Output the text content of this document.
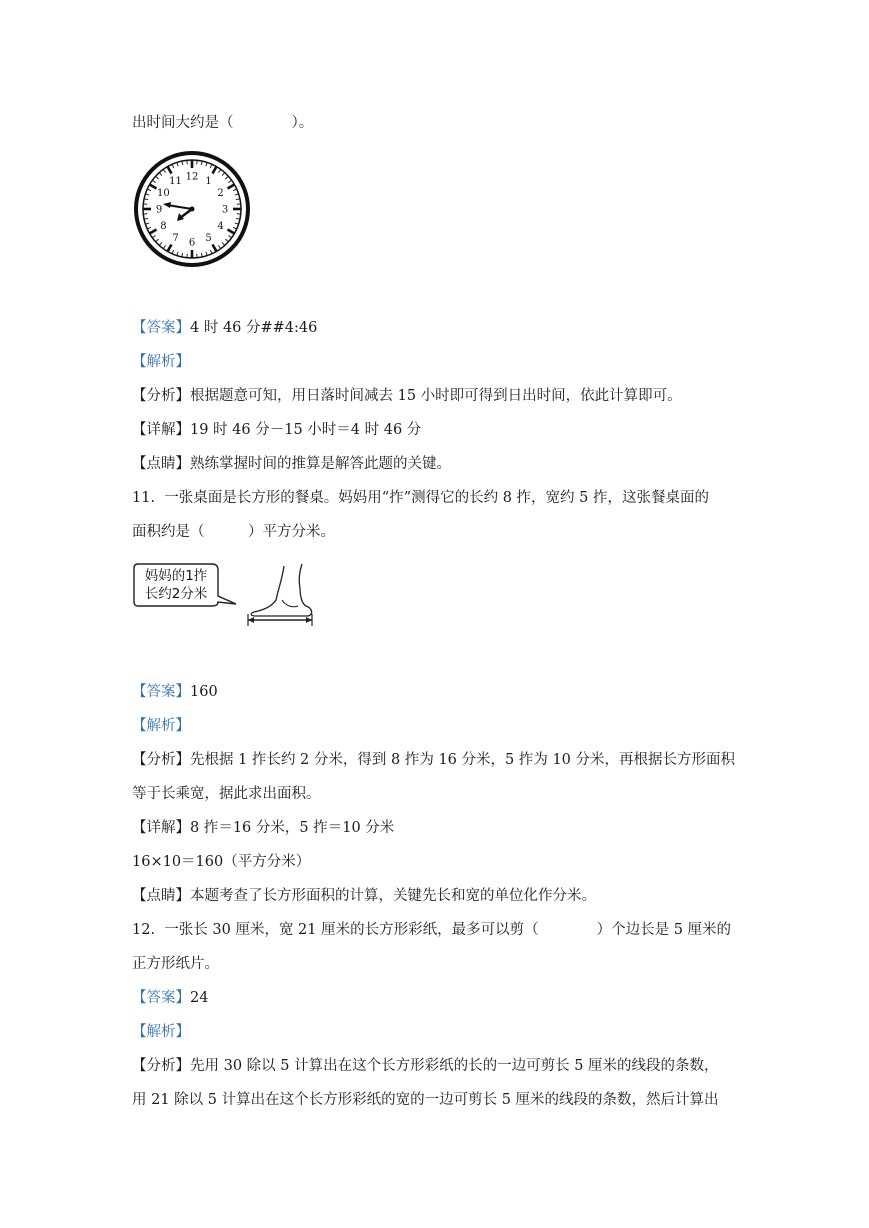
出时间大约是（　　　　）。
12 1
2
3
4
5
6
7
8
9
10
11
【答案】4 时 46 分##4:46
【解析】
【分析】根据题意可知，用日落时间减去 15 小时即可得到日出时间，依此计算即可。
【详解】19 时 46 分－15 小时＝4 时 46 分
【点睛】熟练掌握时间的推算是解答此题的关键。
11.  一张桌面是长方形的餐桌。妈妈用“拃”测得它的长约 8 拃，宽约 5 拃，这张餐桌面的
面积约是（　　　）平方分米。
妈妈的1拃
长约2分米
【答案】160
【解析】
【分析】先根据 1 拃长约 2 分米，得到 8 拃为 16 分米，5 拃为 10 分米，再根据长方形面积
等于长乘宽，据此求出面积。
【详解】8 拃＝16 分米，5 拃＝10 分米
16×10＝160（平方分米）
【点睛】本题考查了长方形面积的计算，关键先长和宽的单位化作分米。
12.  一张长 30 厘米，宽 21 厘米的长方形彩纸，最多可以剪（　　　　）个边长是 5 厘米的
正方形纸片。
【答案】24
【解析】
【分析】先用 30 除以 5 计算出在这个长方形彩纸的长的一边可剪长 5 厘米的线段的条数，
用 21 除以 5 计算出在这个长方形彩纸的宽的一边可剪长 5 厘米的线段的条数，然后计算出
